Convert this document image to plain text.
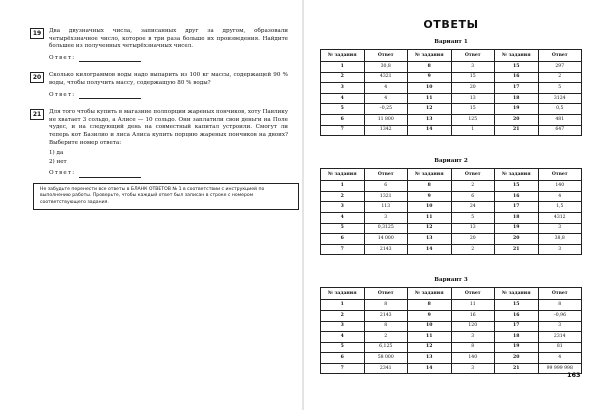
19	Два двузначных числа, записанных друг за другом, образовали четырёхзначное число, которое в три раза больше их произведения. Найдите большее из полученных четырёхзначных чисел.
Ответ:
20	Сколько килограммов воды надо выпарить из 100 кг массы, содержащей 90 % воды, чтобы получить массу, содержащую 80 % воды?
Ответ:
21	Для того чтобы купить в магазине полпорции жареных пончиков, хоту Павлику не хватает 3 сольдо, а Алисе — 10 сольдо. Они заплатили свои деньги на Поле чудес, и на следующий день на совместный капитал устроили. Смогут ли теперь кот Базилио и лиса Алиса купить порцию жареных пончиков на двоих? Выберите номер ответа:
1) да
2) нет
Ответ:
Не забудьте перенести все ответы в БЛАНК ОТВЕТОВ № 1 в соответствии с инструкцией по выполнению работы. Проверьте, чтобы каждый ответ был записан в строке с номером соответствующего задания.
ОТВЕТЫ
Вариант 1
№ задания	Ответ	№ задания	Ответ	№ задания	Ответ
1	30,8	8	3	15	297
2	4321	9	15	16	2
3	4	10	20	17	5
4	4	11	13	18	3124
5	–0,25	12	15	19	0,5
6	11 800	13	125	20	481
7	1342	14	1	21	647
Вариант 2
№ задания	Ответ	№ задания	Ответ	№ задания	Ответ
1	6	8	2	15	140
2	1321	9	6	16	4
3	113	10	24	17	1,5
4	3	11	5	18	4312
5	0,3125	12	13	19	3
6	14 000	13	20	20	38,8
7	2143	14	2	21	3
Вариант 3
№ задания	Ответ	№ задания	Ответ	№ задания	Ответ
1	8	8	11	15	8
2	2143	9	16	16	–0,96
3	8	10	120	17	3
4	2	11	3	18	2314
5	6,125	12	8	19	81
6	58 000	13	140	20	4
7	2341	14	3	21	99 999 998
163
